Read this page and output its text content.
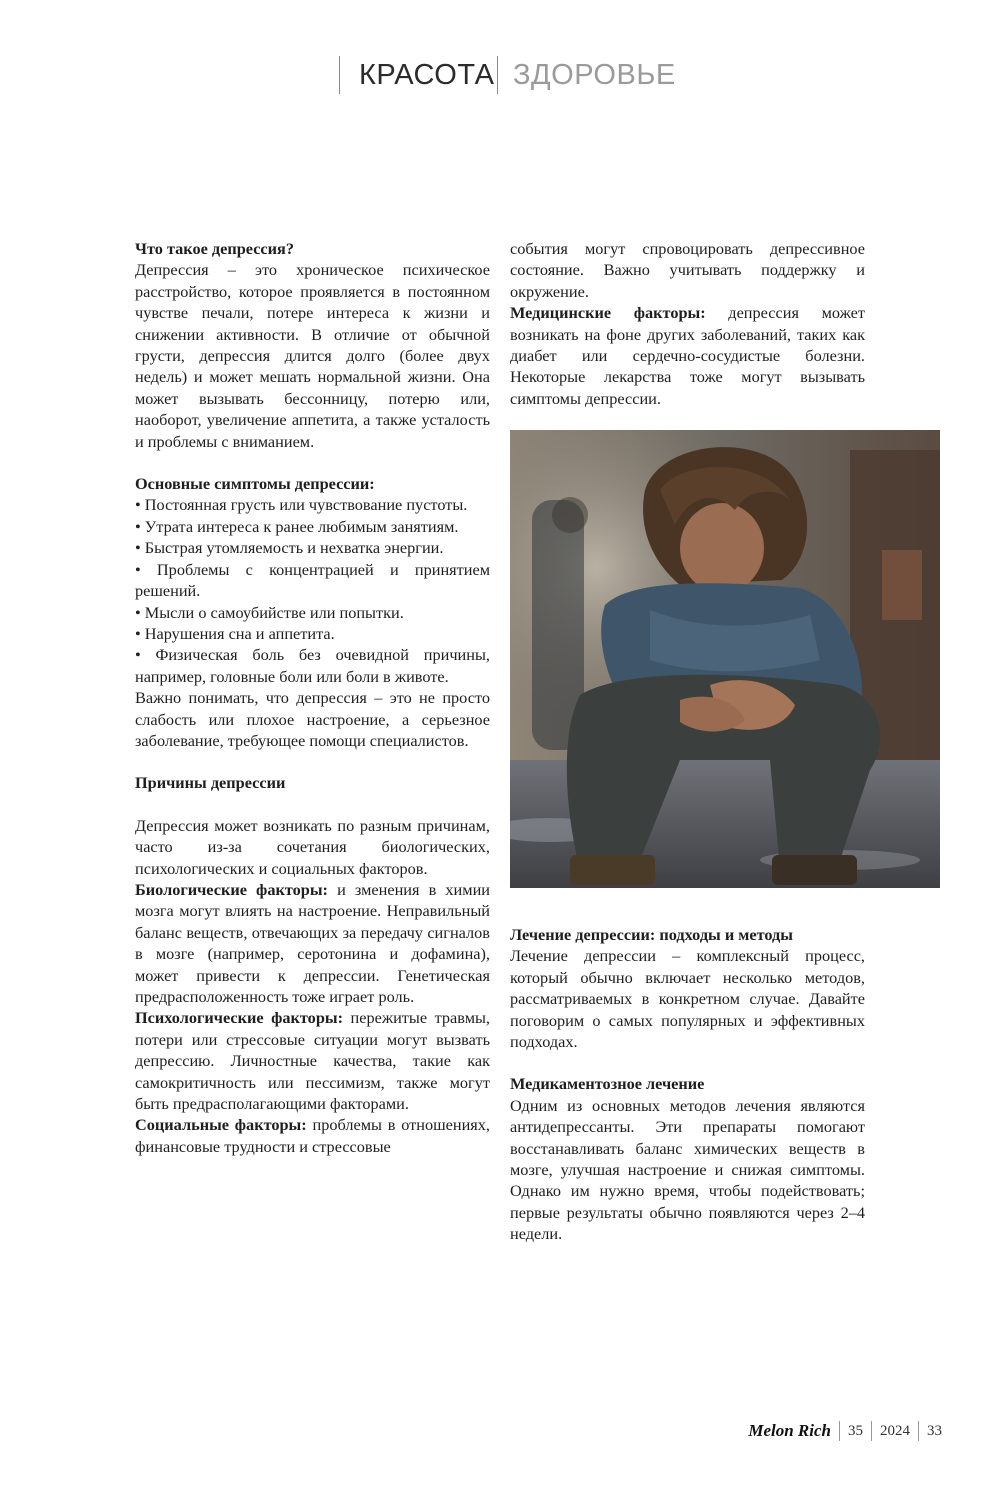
КРАСОТА ЗДОРОВЬЕ

Что такое депрессия?

Депрессия – это хроническое психическое расстройство, которое проявляется в постоянном чувстве печали, потере интереса к жизни и снижении активности. В отличие от обычной грусти, депрессия длится долго (более двух недель) и может мешать нормальной жизни. Она может вызывать бессонницу, потерю или, наоборот, увеличение аппетита, а также усталость и проблемы с вниманием.

Основные симптомы депрессии:

• Постоянная грусть или чувствование пустоты.

• Утрата интереса к ранее любимым занятиям.

• Быстрая утомляемость и нехватка энергии.

• Проблемы с концентрацией и принятием решений.

• Мысли о самоубийстве или попытки.

• Нарушения сна и аппетита.

• Физическая боль без очевидной причины, например, головные боли или боли в животе.

Важно понимать, что депрессия – это не просто слабость или плохое настроение, а серьезное заболевание, требующее помощи специалистов.

Причины депрессии

Депрессия может возникать по разным причинам, часто из-за сочетания биологических, психологических и социальных факторов.

Биологические факторы: и зменения в химии мозга могут влиять на настроение. Неправильный баланс веществ, отвечающих за передачу сигналов в мозге (например, серотонина и дофамина), может привести к депрессии. Генетическая предрасположенность тоже играет роль.

Психологические факторы: пережитые травмы, потери или стрессовые ситуации могут вызвать депрессию. Личностные качества, такие как самокритичность или пессимизм, также могут быть предрасполагающими факторами.

Социальные факторы: проблемы в отношениях, финансовые трудности и стрессовые

события могут спровоцировать депрессивное состояние. Важно учитывать поддержку и окружение.

Медицинские факторы: депрессия может возникать на фоне других заболеваний, таких как диабет или сердечно-сосудистые болезни. Некоторые лекарства тоже могут вызывать симптомы депрессии.

Лечение депрессии: подходы и методы

Лечение депрессии – комплексный процесс, который обычно включает несколько методов, рассматриваемых в конкретном случае. Давайте поговорим о самых популярных и эффективных подходах.

Медикаментозное лечение

Одним из основных методов лечения являются антидепрессанты. Эти препараты помогают восстанавливать баланс химических веществ в мозге, улучшая настроение и снижая симптомы. Однако им нужно время, чтобы подействовать; первые результаты обычно появляются через 2–4 недели.

Melon Rich 35 2024 33
